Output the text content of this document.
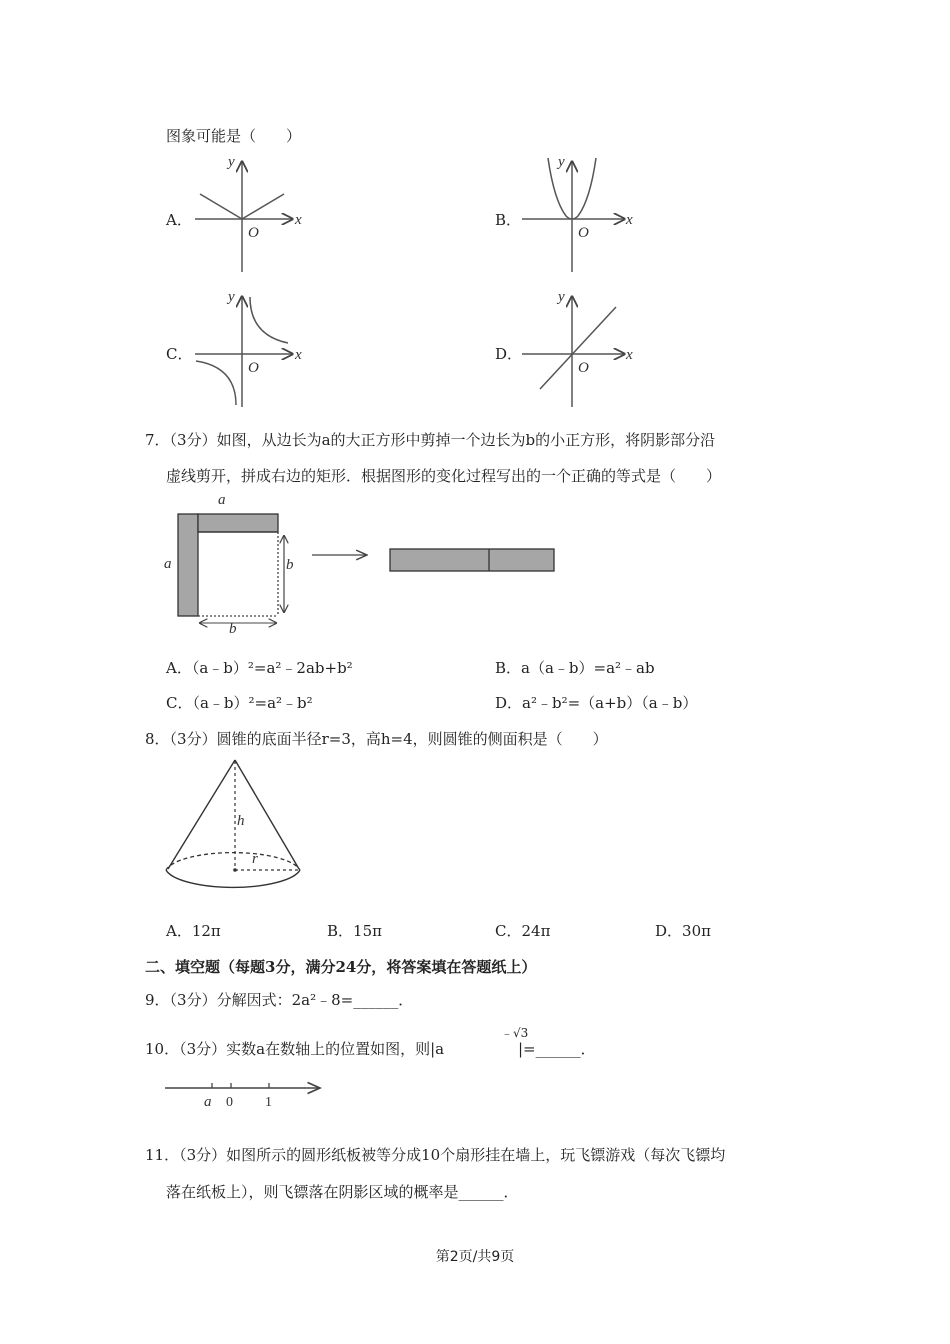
图象可能是（　　）
A．	B．
C．	D．
y
x
O
y
x
O
y
x
O
y
x
O
7．（3分）如图，从边长为a的大正方形中剪掉一个边长为b的小正方形，将阴影部分沿
虚线剪开，拼成右边的矩形．根据图形的变化过程写出的一个正确的等式是（　　）
a
a	b
b
A．（a﹣b）²=a²﹣2ab+b²	B．a（a﹣b）=a²﹣ab
C．（a﹣b）²=a²﹣b²	D．a²﹣b²=（a+b）（a﹣b）
8．（3分）圆锥的底面半径r=3，高h=4，则圆锥的侧面积是（　　）
h
r
A．12π	B．15π	C．24π	D．30π
二、填空题（每题3分，满分24分，将答案填在答题纸上）
9．（3分）分解因式：2a²﹣8=______．
10．（3分）实数a在数轴上的位置如图，则|a
﹣√3
|=______．
a 0 1
11．（3分）如图所示的圆形纸板被等分成10个扇形挂在墙上，玩飞镖游戏（每次飞镖均
落在纸板上），则飞镖落在阴影区域的概率是______．
第2页/共9页
